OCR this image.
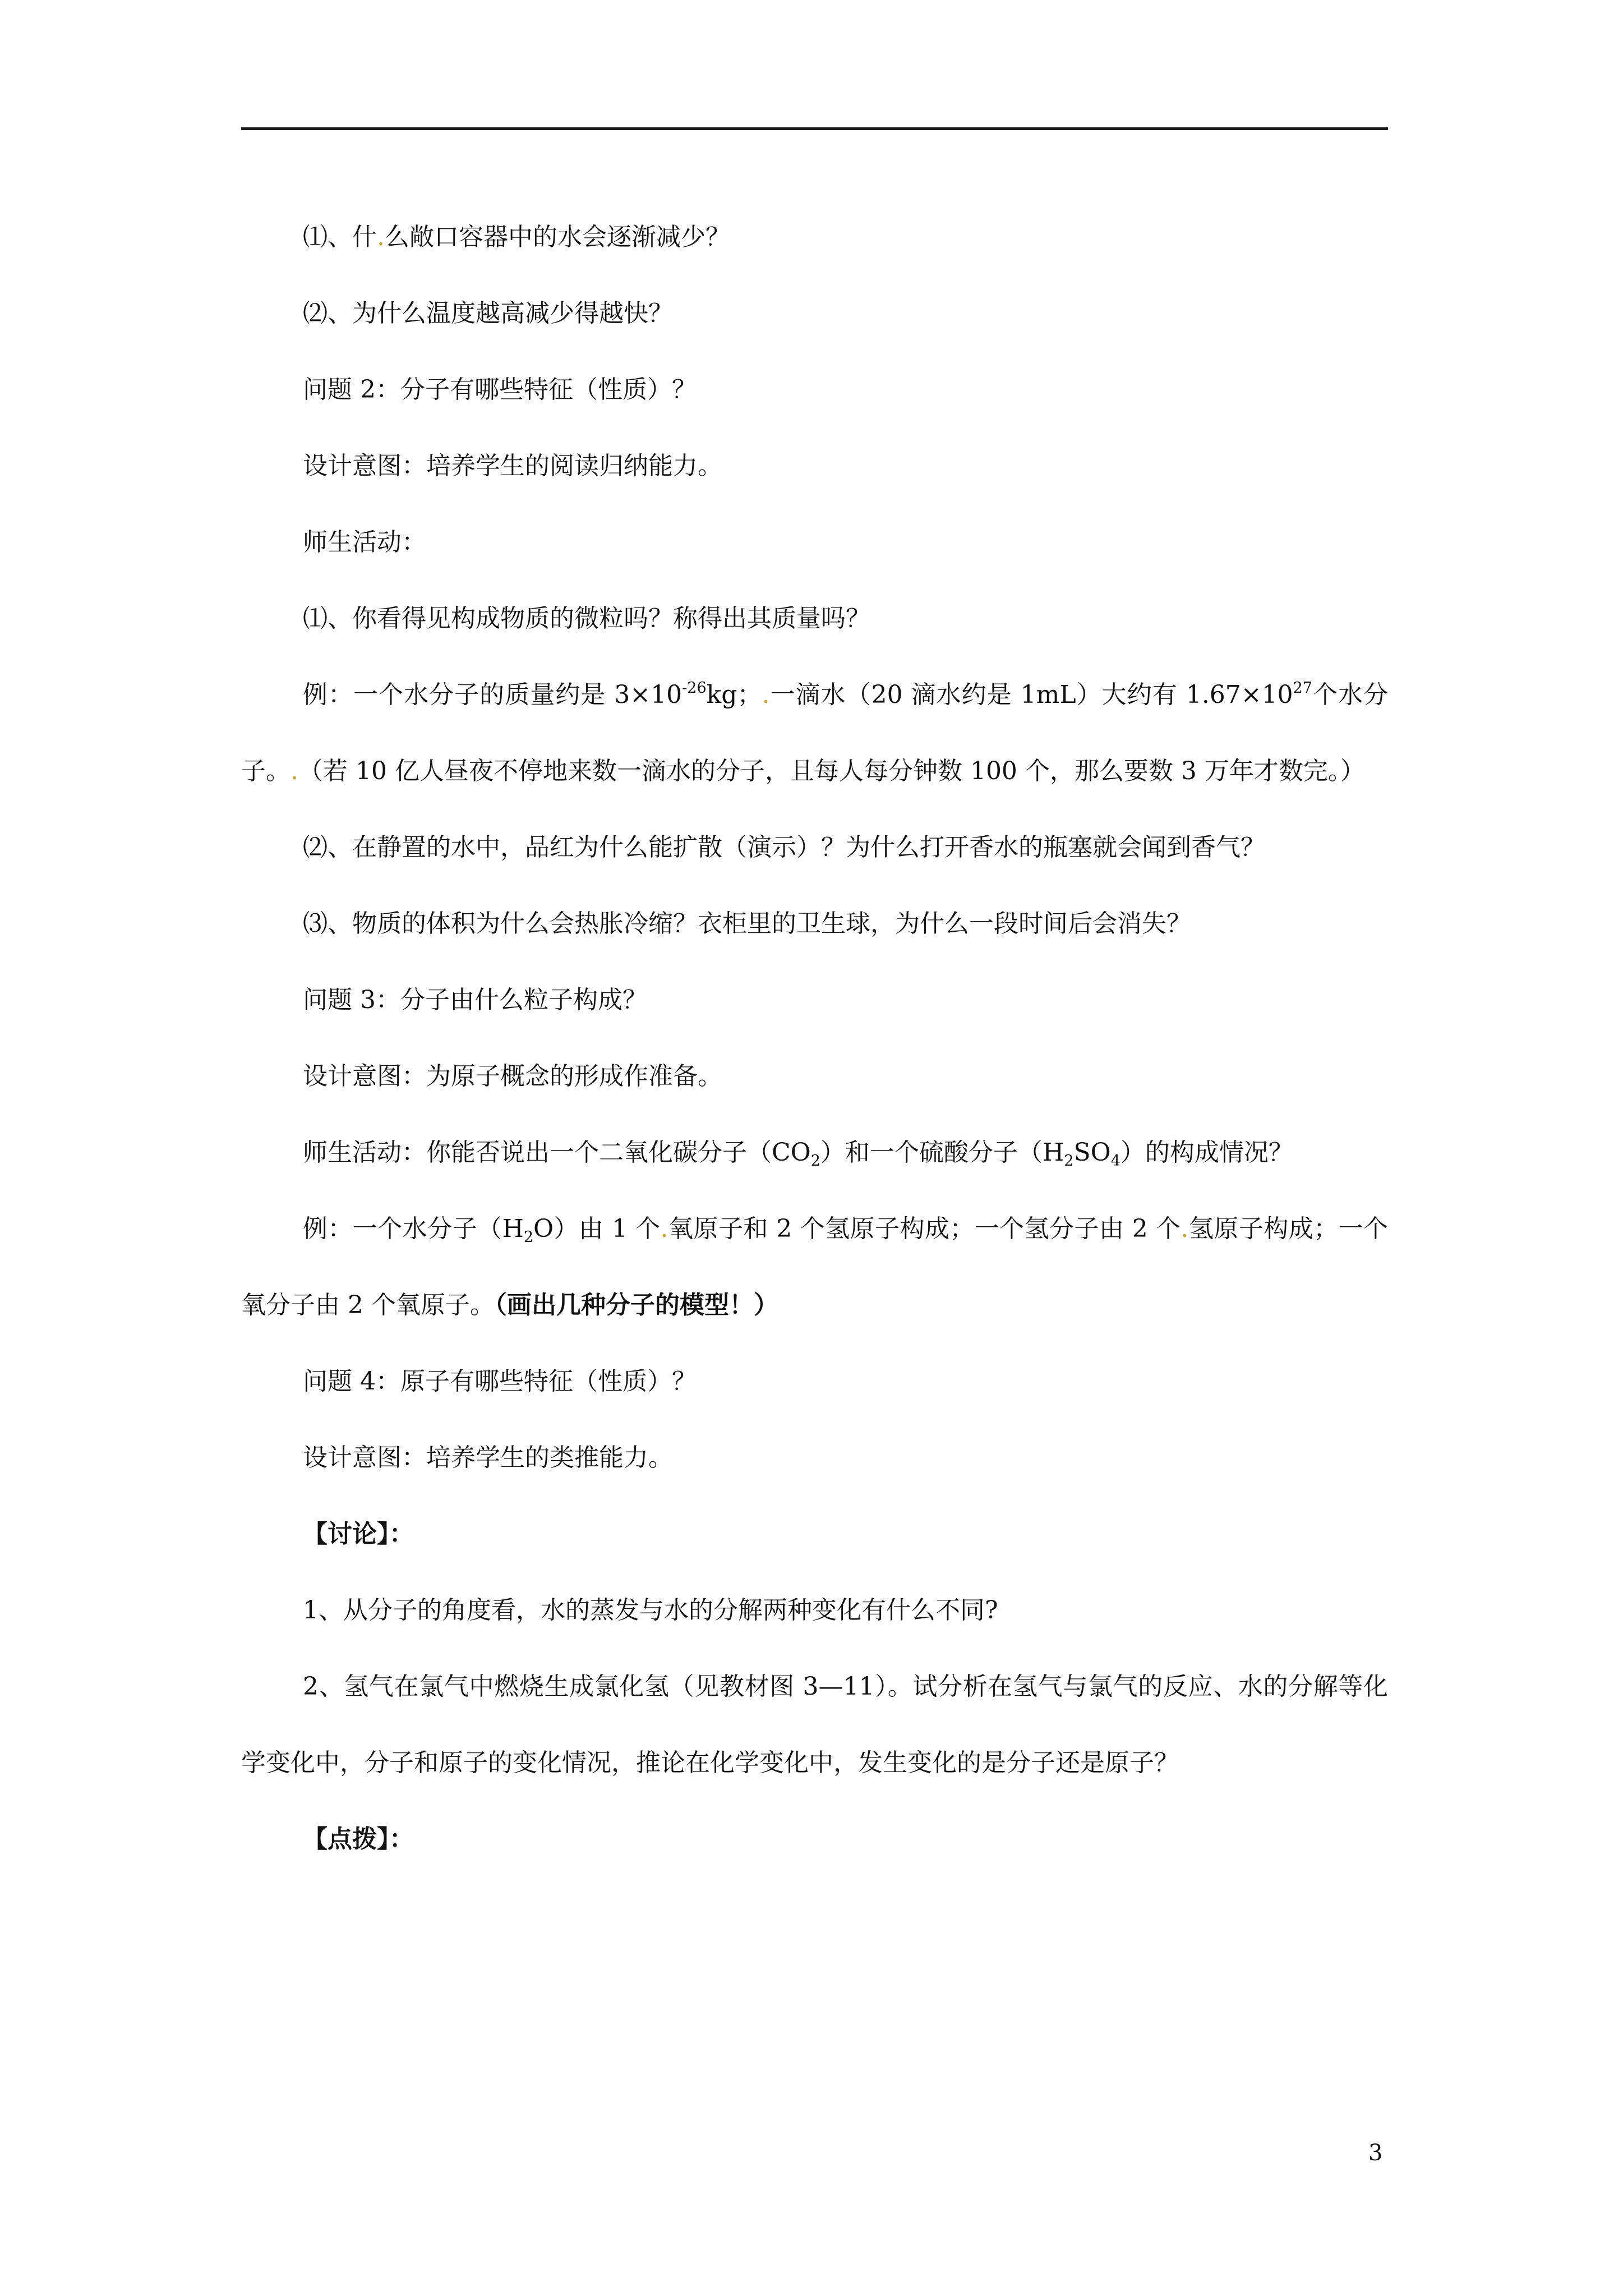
⑴、什.么敞口容器中的水会逐渐减少？

⑵、为什么温度越高减少得越快？

问题 2：分子有哪些特征（性质）？

设计意图：培养学生的阅读归纳能力。

师生活动：

⑴、你看得见构成物质的微粒吗？称得出其质量吗？

例：一个水分子的质量约是 $3\times 10^{-26}kg$；.一滴水（20 滴水约是 1mL）大约有 $1.67\times 10^{27}$个水分子。.（若 10 亿人昼夜不停地来数一滴水的分子，且每人每分钟数 100 个，那么要数 3 万年才数完。）

⑵、在静置的水中，品红为什么能扩散（演示）？为什么打开香水的瓶塞就会闻到香气？

⑶、物质的体积为什么会热胀冷缩？衣柜里的卫生球，为什么一段时间后会消失？

问题 3：分子由什么粒子构成？

设计意图：为原子概念的形成作准备。

师生活动：你能否说出一个二氧化碳分子$(CO_2)$和一个硫酸分子$(H_2SO_4)$的构成情况？

例：一个水分子$(H_2O)$由 1 个.氧原子和 2 个氢原子构成；一个氢分子由 2 个.氢原子构成；一个氧分子由 2 个氧原子。（画出几种分子的模型！）

问题 4：原子有哪些特征（性质）？

设计意图：培养学生的类推能力。

【讨论】：

1、从分子的角度看，水的蒸发与水的分解两种变化有什么不同?

2、氢气在氯气中燃烧生成氯化氢（见教材图 3—11）。试分析在氢气与氯气的反应、水的分解等化学变化中，分子和原子的变化情况，推论在化学变化中，发生变化的是分子还是原子？

【点拨】：

3
